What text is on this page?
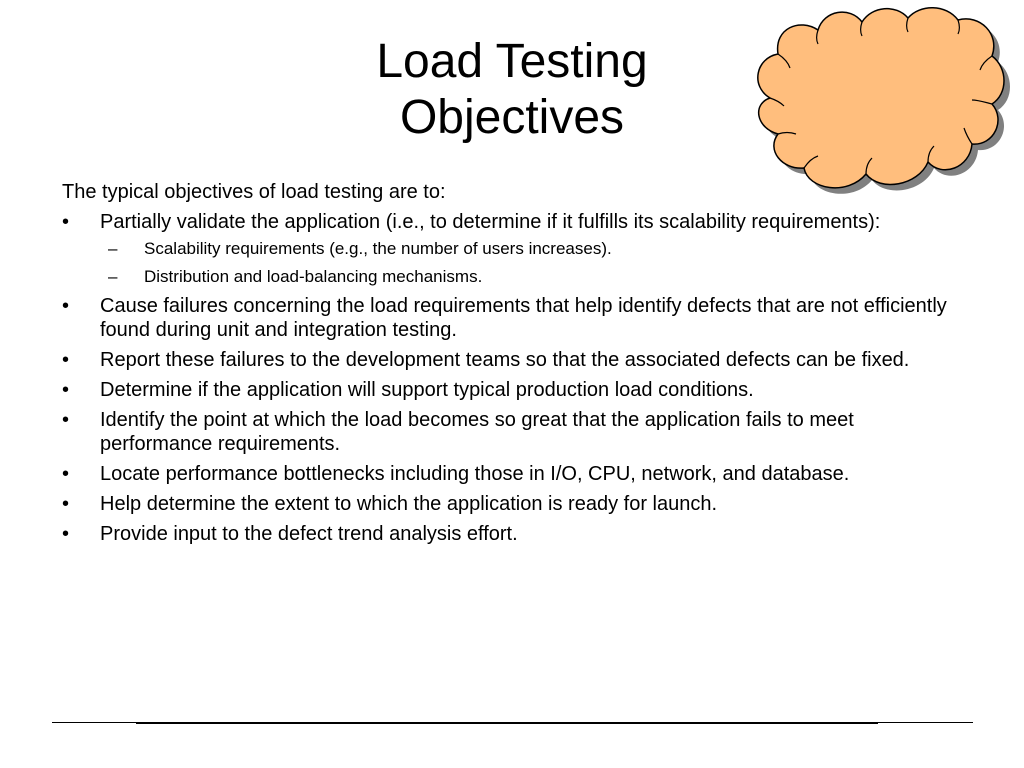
Load Testing
Objectives

The typical objectives of load testing are to:

• Partially validate the application (i.e., to determine if it fulfills its scalability requirements):
– Scalability requirements (e.g., the number of users increases).
– Distribution and load-balancing mechanisms.
• Cause failures concerning the load requirements that help identify defects that are not efficiently found during unit and integration testing.
• Report these failures to the development teams so that the associated defects can be fixed.
• Determine if the application will support typical production load conditions.
• Identify the point at which the load becomes so great that the application fails to meet performance requirements.
• Locate performance bottlenecks including those in I/O, CPU, network, and database.
• Help determine the extent to which the application is ready for launch.
• Provide input to the defect trend analysis effort.
